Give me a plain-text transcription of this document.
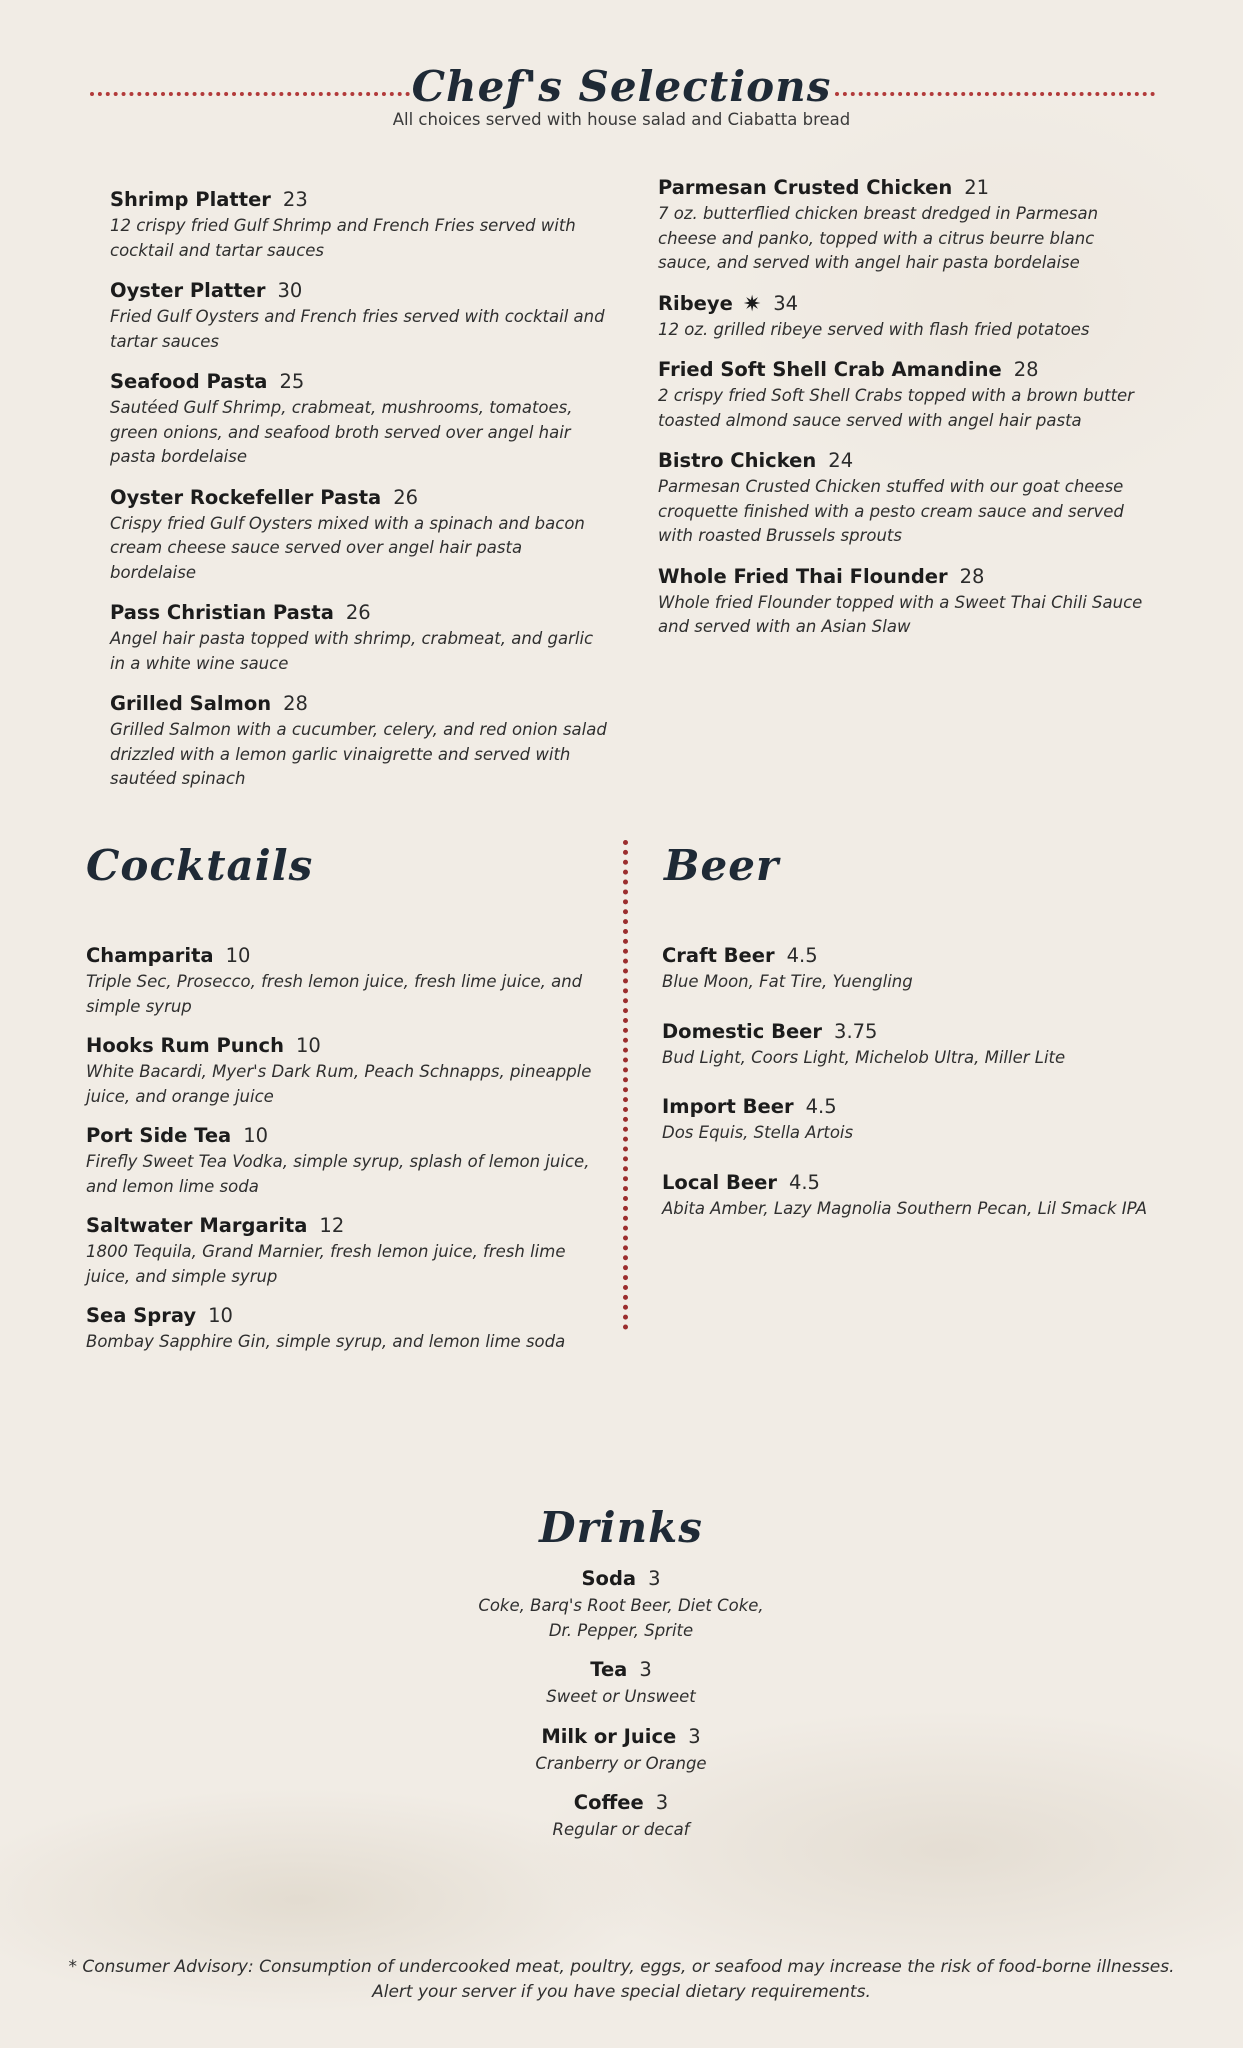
Chef's Selections
All choices served with house salad and Ciabatta bread
Shrimp Platter 23
12 crispy fried Gulf Shrimp and French Fries served with cocktail and tartar sauces
Oyster Platter 30
Fried Gulf Oysters and French fries served with cocktail and tartar sauces
Seafood Pasta 25
Sautéed Gulf Shrimp, crabmeat, mushrooms, tomatoes, green onions, and seafood broth served over angel hair pasta bordelaise
Oyster Rockefeller Pasta 26
Crispy fried Gulf Oysters mixed with a spinach and bacon cream cheese sauce served over angel hair pasta bordelaise
Pass Christian Pasta 26
Angel hair pasta topped with shrimp, crabmeat, and garlic in a white wine sauce
Grilled Salmon 28
Grilled Salmon with a cucumber, celery, and red onion salad drizzled with a lemon garlic vinaigrette and served with sautéed spinach
Parmesan Crusted Chicken 21
7 oz. butterflied chicken breast dredged in Parmesan cheese and panko, topped with a citrus beurre blanc sauce, and served with angel hair pasta bordelaise
Ribeye ✷ 34
12 oz. grilled ribeye served with flash fried potatoes
Fried Soft Shell Crab Amandine 28
2 crispy fried Soft Shell Crabs topped with a brown butter toasted almond sauce served with angel hair pasta
Bistro Chicken 24
Parmesan Crusted Chicken stuffed with our goat cheese croquette finished with a pesto cream sauce and served with roasted Brussels sprouts
Whole Fried Thai Flounder 28
Whole fried Flounder topped with a Sweet Thai Chili Sauce and served with an Asian Slaw
Cocktails
Champarita 10
Triple Sec, Prosecco, fresh lemon juice, fresh lime juice, and simple syrup
Hooks Rum Punch 10
White Bacardi, Myer's Dark Rum, Peach Schnapps, pineapple juice, and orange juice
Port Side Tea 10
Firefly Sweet Tea Vodka, simple syrup, splash of lemon juice, and lemon lime soda
Saltwater Margarita 12
1800 Tequila, Grand Marnier, fresh lemon juice, fresh lime juice, and simple syrup
Sea Spray 10
Bombay Sapphire Gin, simple syrup, and lemon lime soda
Beer
Craft Beer 4.5
Blue Moon, Fat Tire, Yuengling
Domestic Beer 3.75
Bud Light, Coors Light, Michelob Ultra, Miller Lite
Import Beer 4.5
Dos Equis, Stella Artois
Local Beer 4.5
Abita Amber, Lazy Magnolia Southern Pecan, Lil Smack IPA
Drinks
Soda 3
Coke, Barq's Root Beer, Diet Coke,
Dr. Pepper, Sprite
Tea 3
Sweet or Unsweet
Milk or Juice 3
Cranberry or Orange
Coffee 3
Regular or decaf
* Consumer Advisory: Consumption of undercooked meat, poultry, eggs, or seafood may increase the risk of food-borne illnesses.
Alert your server if you have special dietary requirements.
